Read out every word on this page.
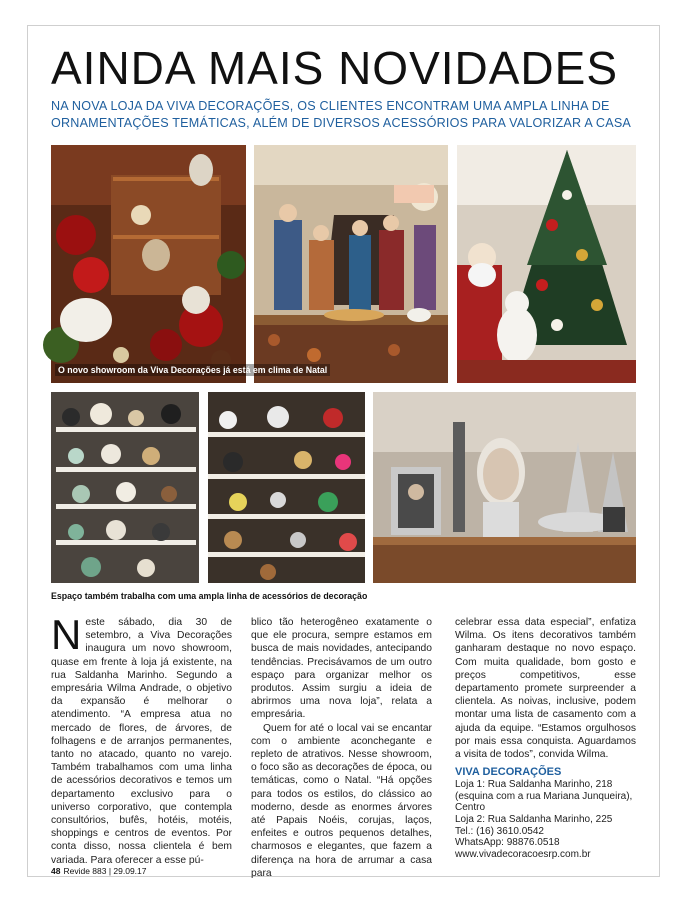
AINDA MAIS NOVIDADES
NA NOVA LOJA DA VIVA DECORAÇÕES, OS CLIENTES ENCONTRAM UMA AMPLA LINHA DE ORNAMENTAÇÕES TEMÁTICAS, ALÉM DE DIVERSOS ACESSÓRIOS PARA VALORIZAR A CASA
O novo showroom da Viva Decorações já está em clima de Natal
Espaço também trabalha com uma ampla linha de acessórios de decoração

Neste sábado, dia 30 de setembro, a Viva Decorações inaugura um novo showroom, quase em frente à loja já existente, na rua Saldanha Marinho. Segundo a empresária Wilma Andrade, o objetivo da expansão é melhorar o atendimento. “A empresa atua no mercado de flores, de árvores, de folhagens e de arranjos permanentes, tanto no atacado, quanto no varejo. Também trabalhamos com uma linha de acessórios decorativos e temos um departamento exclusivo para o universo corporativo, que contempla consultórios, bufês, hotéis, motéis, shoppings e centros de eventos. Por conta disso, nossa clientela é bem variada. Para oferecer a esse pú-

blico tão heterogêneo exatamente o que ele procura, sempre estamos em busca de mais novidades, antecipando tendências. Precisávamos de um outro espaço para organizar melhor os produtos. Assim surgiu a ideia de abrirmos uma nova loja”, relata a empresária.

Quem for até o local vai se encantar com o ambiente aconchegante e repleto de atrativos. Nesse showroom, o foco são as decorações de época, ou temáticas, como o Natal. “Há opções para todos os estilos, do clássico ao moderno, desde as enormes árvores até Papais Noéis, corujas, laços, enfeites e outros pequenos detalhes, charmosos e elegantes, que fazem a diferença na hora de arrumar a casa para

celebrar essa data especial”, enfatiza Wilma. Os itens decorativos também ganharam destaque no novo espaço. Com muita qualidade, bom gosto e preços competitivos, esse departamento promete surpreender a clientela. As noivas, inclusive, podem montar uma lista de casamento com a ajuda da equipe. “Estamos orgulhosos por mais essa conquista. Aguardamos a visita de todos”, convida Wilma.

VIVA DECORAÇÕES
Loja 1: Rua Saldanha Marinho, 218 (esquina com a rua Mariana Junqueira), Centro
Loja 2: Rua Saldanha Marinho, 225
Tel.: (16) 3610.0542
WhatsApp: 98876.0518
www.vivadecoracoesrp.com.br
48 Revide 883 | 29.09.17
